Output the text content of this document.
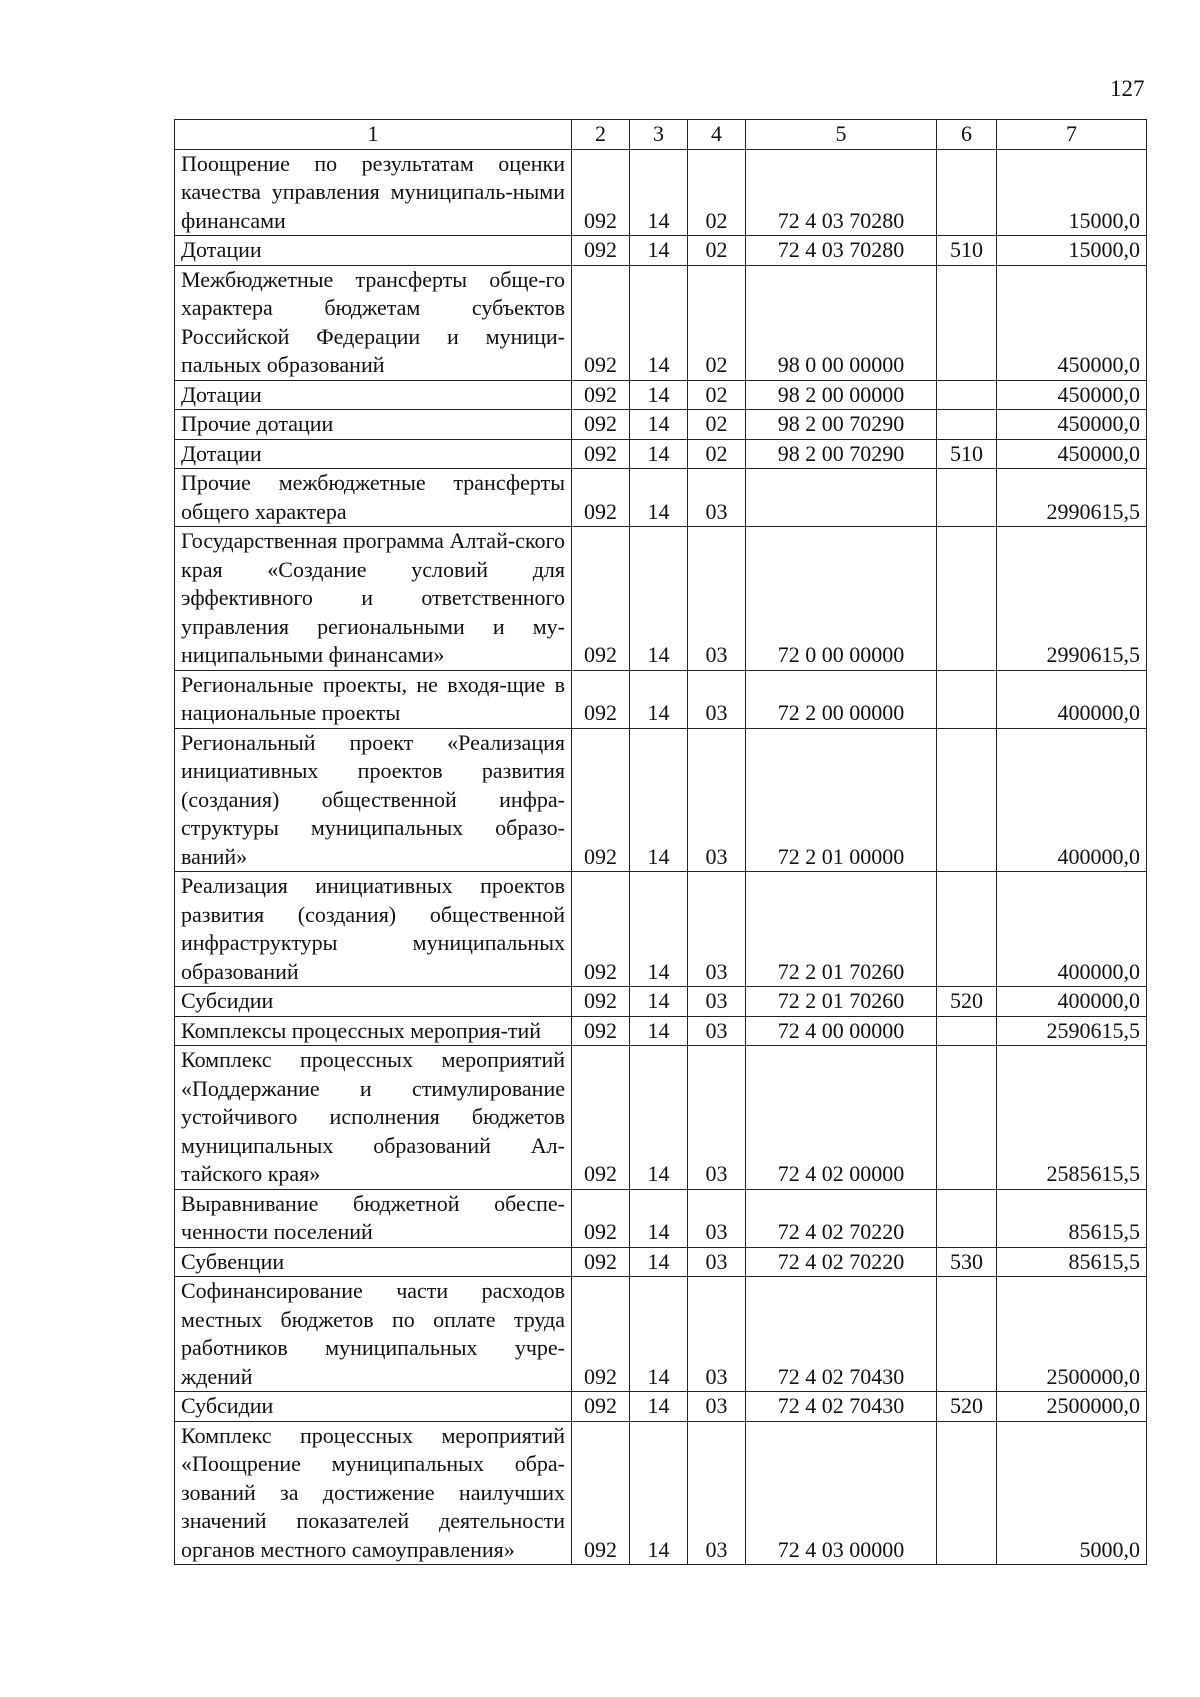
127
1	2	3	4	5	6	7
Поощрение по результатам оценки качества управления муниципаль-ными финансами	092	14	02	72 4 03 70280		15000,0
Дотации	092	14	02	72 4 03 70280	510	15000,0
Межбюджетные трансферты обще-го характера бюджетам субъектов Российской Федерации и муници-пальных образований	092	14	02	98 0 00 00000		450000,0
Дотации	092	14	02	98 2 00 00000		450000,0
Прочие дотации	092	14	02	98 2 00 70290		450000,0
Дотации	092	14	02	98 2 00 70290	510	450000,0
Прочие межбюджетные трансферты общего характера	092	14	03			2990615,5
Государственная программа Алтай-ского края «Создание условий для эффективного и ответственного управления региональными и му-ниципальными финансами»	092	14	03	72 0 00 00000		2990615,5
Региональные проекты, не входя-щие в национальные проекты	092	14	03	72 2 00 00000		400000,0
Региональный проект «Реализация инициативных проектов развития (создания) общественной инфра-структуры муниципальных образо-ваний»	092	14	03	72 2 01 00000		400000,0
Реализация инициативных проектов развития (создания) общественной инфраструктуры муниципальных образований	092	14	03	72 2 01 70260		400000,0
Субсидии	092	14	03	72 2 01 70260	520	400000,0
Комплексы процессных мероприя-тий	092	14	03	72 4 00 00000		2590615,5
Комплекс процессных мероприятий «Поддержание и стимулирование устойчивого исполнения бюджетов муниципальных образований Ал-тайского края»	092	14	03	72 4 02 00000		2585615,5
Выравнивание бюджетной обеспе-ченности поселений	092	14	03	72 4 02 70220		85615,5
Субвенции	092	14	03	72 4 02 70220	530	85615,5
Софинансирование части расходов местных бюджетов по оплате труда работников муниципальных учре-ждений	092	14	03	72 4 02 70430		2500000,0
Субсидии	092	14	03	72 4 02 70430	520	2500000,0
Комплекс процессных мероприятий «Поощрение муниципальных обра-зований за достижение наилучших значений показателей деятельности органов местного самоуправления»	092	14	03	72 4 03 00000		5000,0
